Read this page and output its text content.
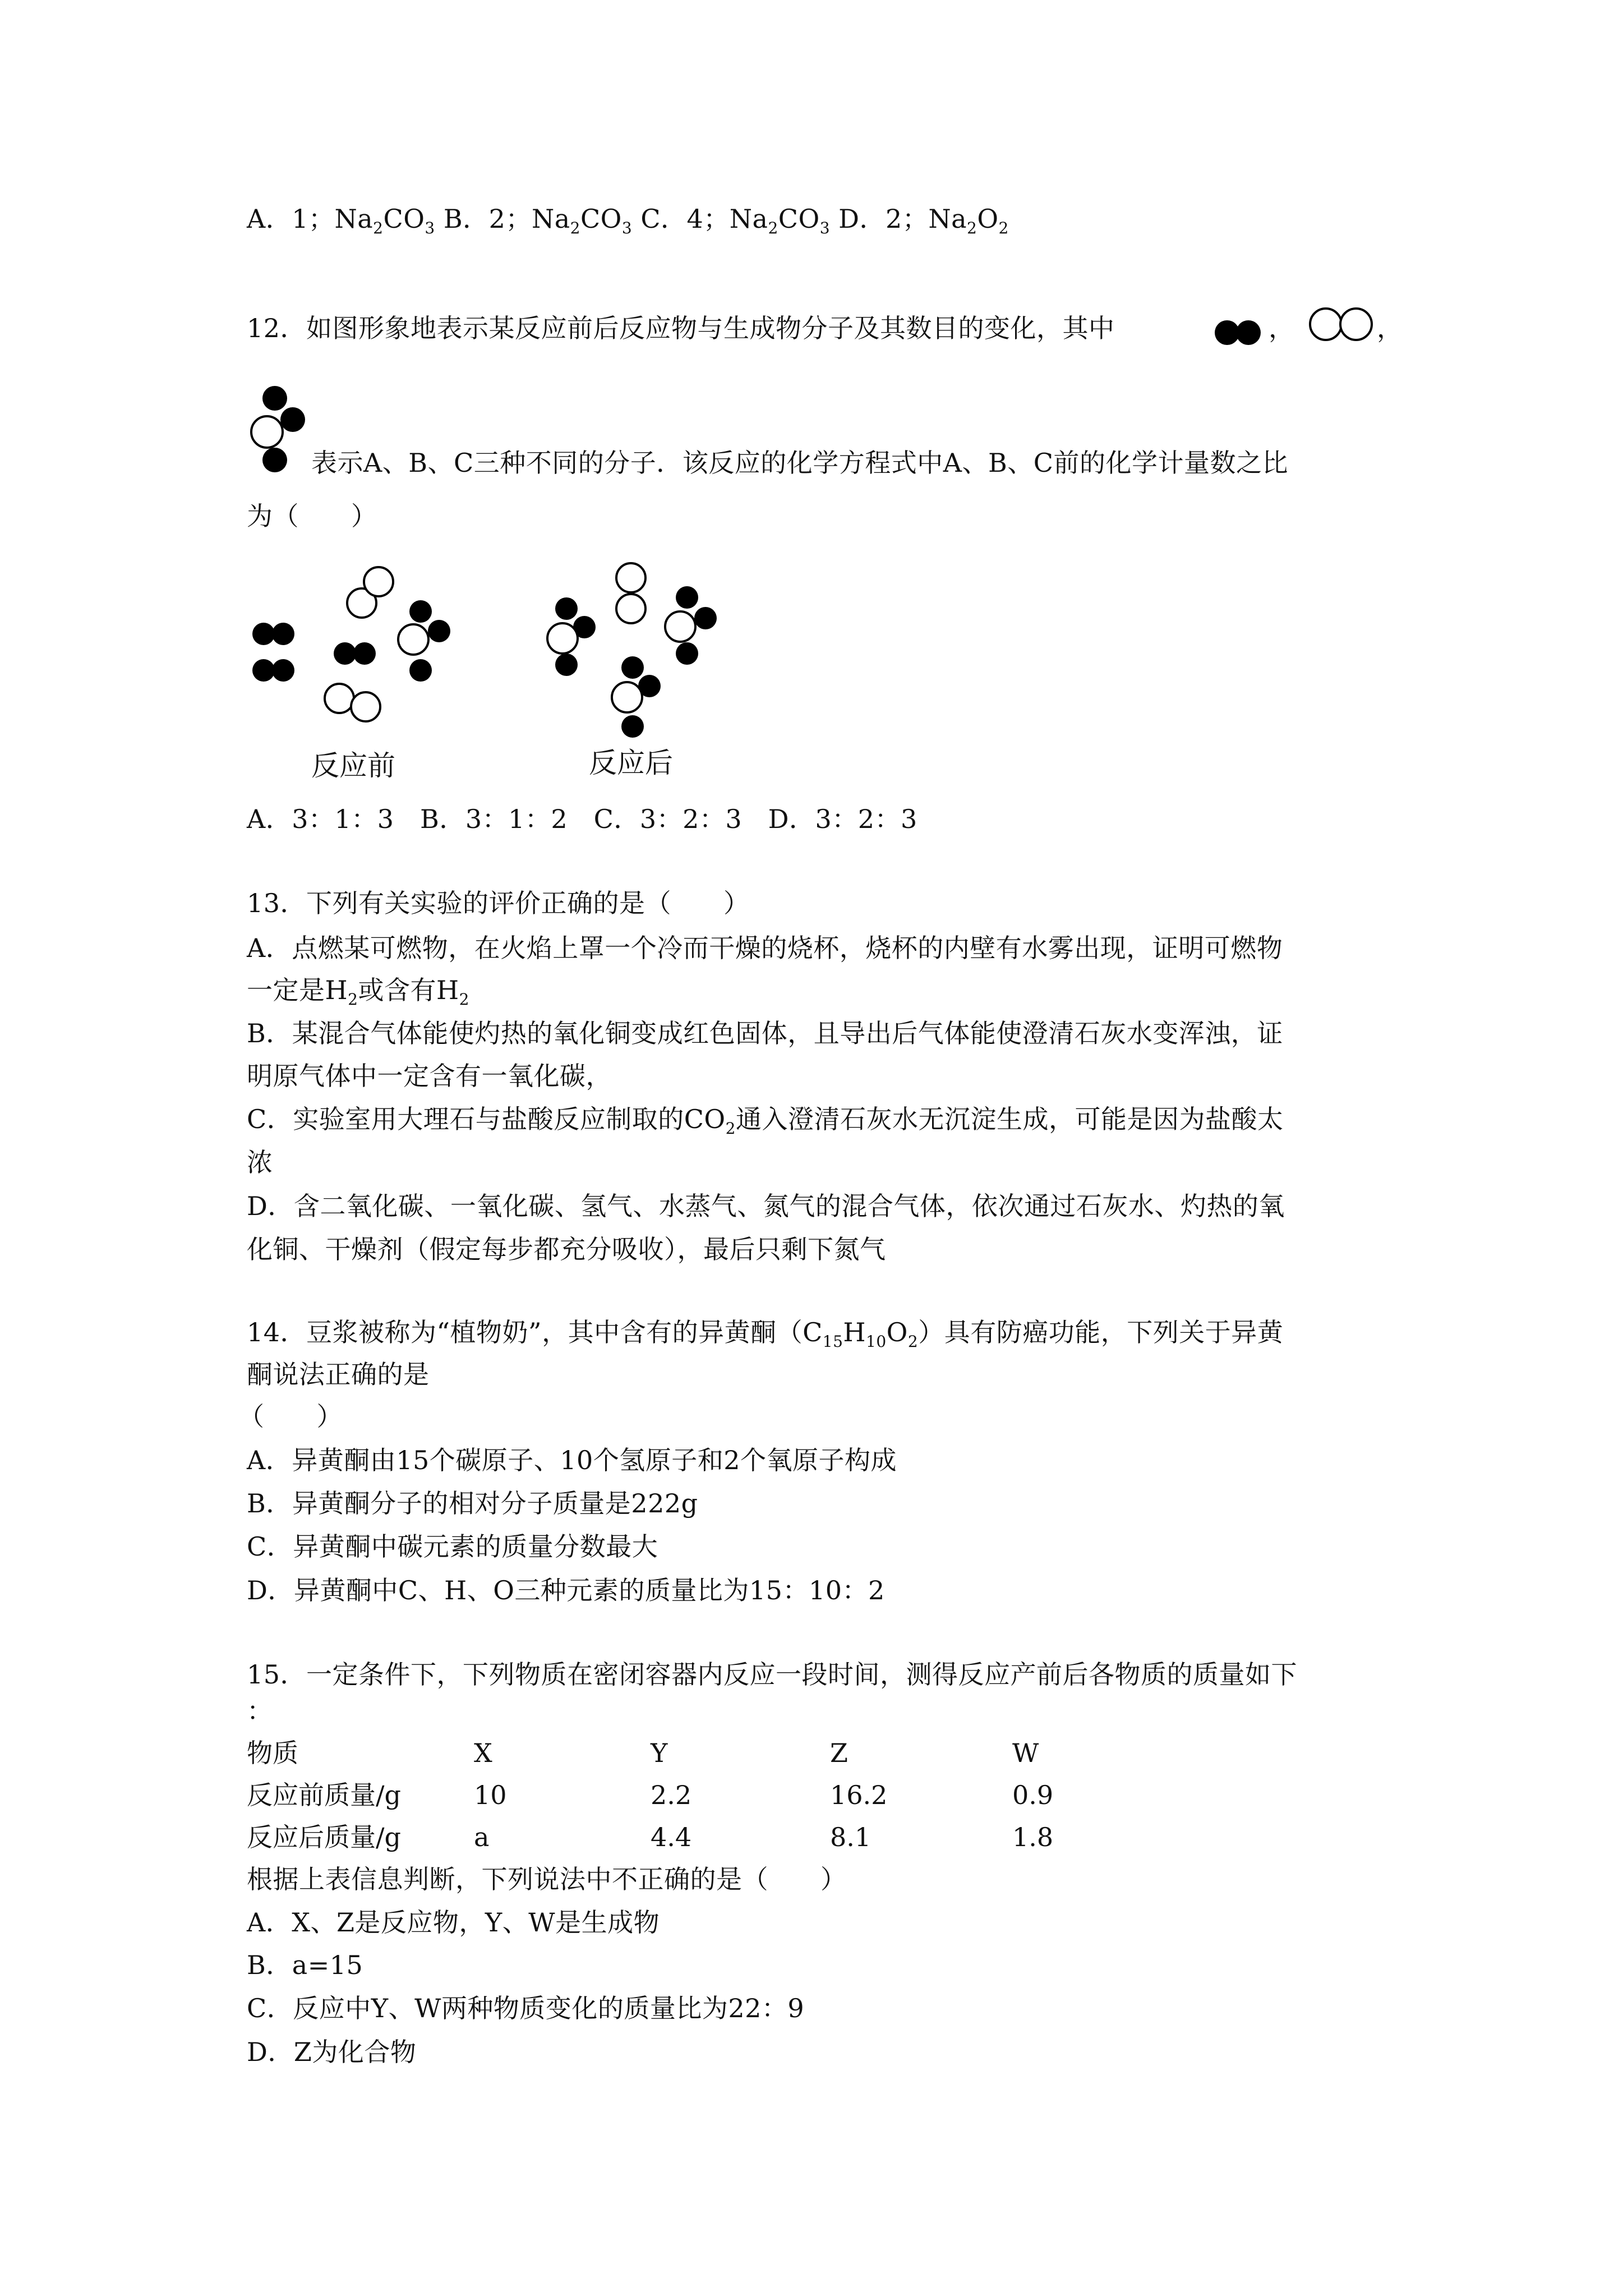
A．1；$Na_2CO_3$ B．2；$Na_2CO_3$ C．4；$Na_2CO_3$ D．2；$Na_2O_2$
12．如图形象地表示某反应前后反应物与生成物分子及其数目的变化，其中	，	，
表示A、B、C三种不同的分子．该反应的化学方程式中A、B、C前的化学计量数之比
为（　　）
反应前	反应后
A．3：1：3　B．3：1：2　C．3：2：3　D．3：2：3
13．下列有关实验的评价正确的是（　　）
A．点燃某可燃物，在火焰上罩一个冷而干燥的烧杯，烧杯的内壁有水雾出现，证明可燃物
一定是$H_2$或含有$H_2$
B．某混合气体能使灼热的氧化铜变成红色固体，且导出后气体能使澄清石灰水变浑浊，证
明原气体中一定含有一氧化碳，
C．实验室用大理石与盐酸反应制取的$CO_2$通入澄清石灰水无沉淀生成，可能是因为盐酸太
浓
D．含二氧化碳、一氧化碳、氢气、水蒸气、氮气的混合气体，依次通过石灰水、灼热的氧
化铜、干燥剂（假定每步都充分吸收），最后只剩下氮气
14．豆浆被称为“植物奶”，其中含有的异黄酮$(C_{15}H_{10}O_2)$具有防癌功能，下列关于异黄
酮说法正确的是
（　　）
A．异黄酮由15个碳原子、10个氢原子和2个氧原子构成
B．异黄酮分子的相对分子质量是222g
C．异黄酮中碳元素的质量分数最大
D．异黄酮中C、H、O三种元素的质量比为15：10：2
15．一定条件下，下列物质在密闭容器内反应一段时间，测得反应产前后各物质的质量如下
：
物质	X	Y	Z	W
反应前质量/g	10	2.2	16.2	0.9
反应后质量/g	a	4.4	8.1	1.8
根据上表信息判断，下列说法中不正确的是（　　）
A．X、Z是反应物，Y、W是生成物
B．a=15
C．反应中Y、W两种物质变化的质量比为22：9
D．Z为化合物
